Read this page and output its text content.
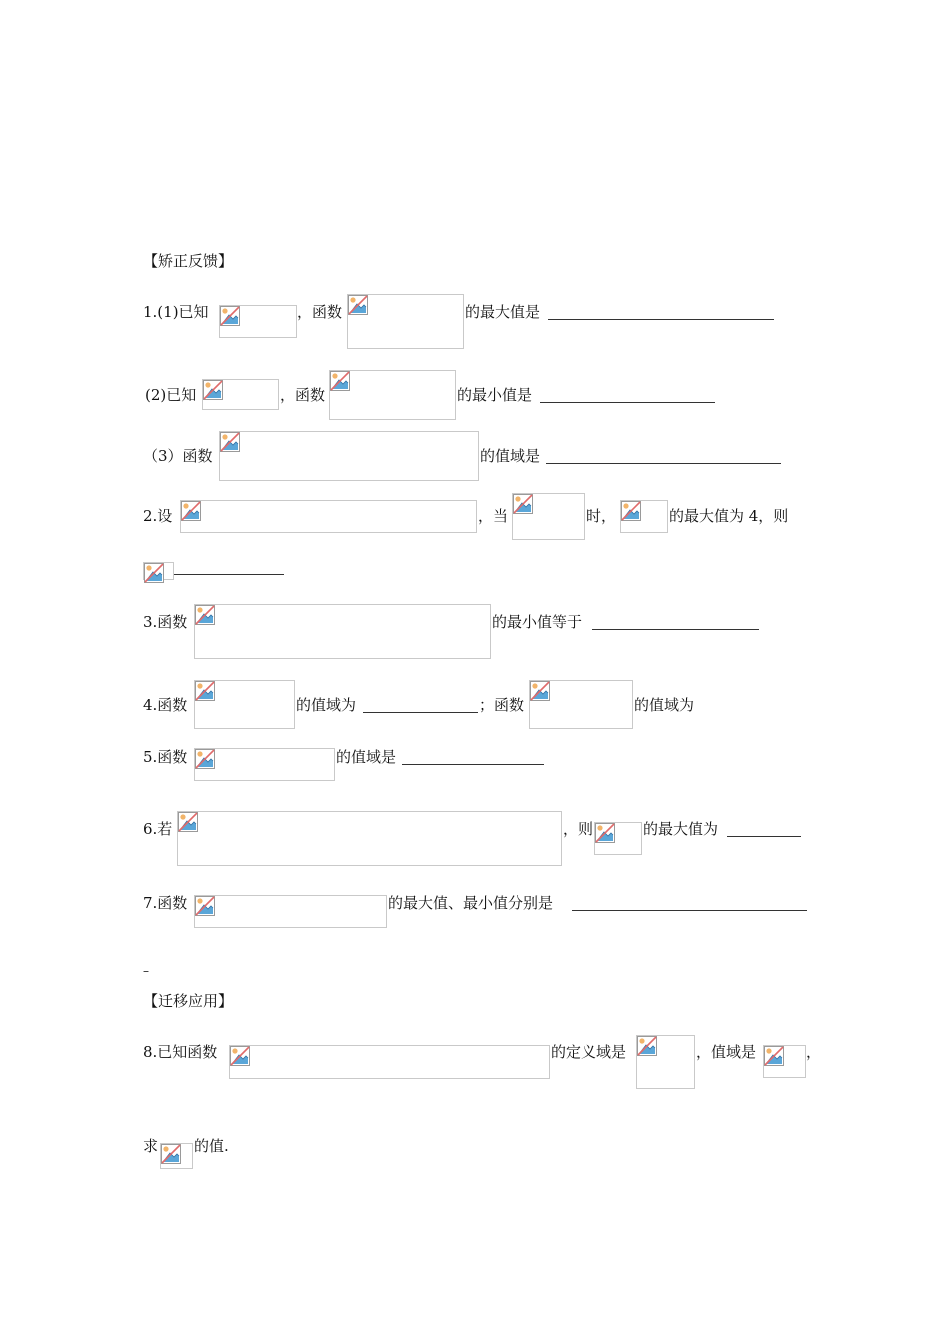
【矫正反馈】
1.(1)已知	，函数	的最大值是
(2)已知	，函数	的最小值是
（3）函数	的值域是
2.设	，当	时，	的最大值为 4，则
3.函数	的最小值等于
4.函数	的值域为	；函数	的值域为
5.函数	的值域是
6.若	，则	的最大值为
7.函数	的最大值、最小值分别是
–
【迁移应用】
8.已知函数	的定义域是	，值域是	，
求 的值.
